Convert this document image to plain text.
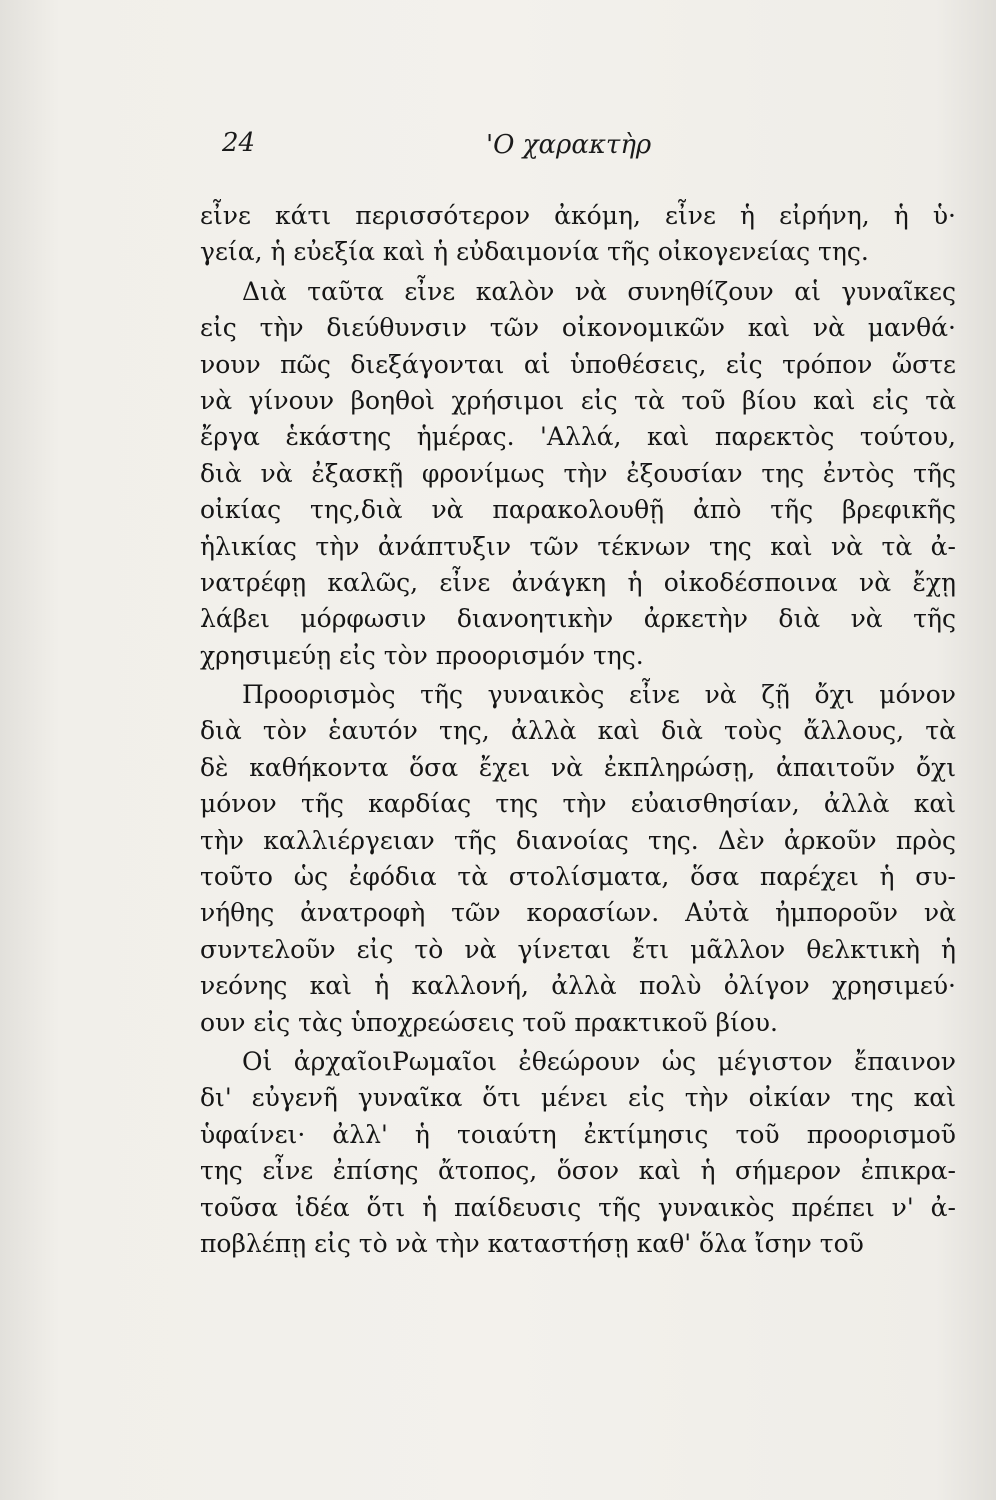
24	'Ο χαρακτὴρ
εἶνε κάτι περισσότερον ἀκόμη, εἶνε ἡ εἰρήνη, ἡ ὑ·
γεία, ἡ εὐεξία καὶ ἡ εὐδαιμονία τῆς οἰκογενείας της.
Διὰ ταῦτα εἶνε καλὸν νὰ συνηθίζουν αἱ γυναῖκες
εἰς τὴν διεύθυνσιν τῶν οἰκονομικῶν καὶ νὰ μανθά·
νουν πῶς διεξάγονται αἱ ὑποθέσεις, εἰς τρόπον ὥστε
νὰ γίνουν βοηθοὶ χρήσιμοι εἰς τὰ τοῦ βίου καὶ εἰς τὰ
ἔργα ἑκάστης ἡμέρας. 'Αλλά, καὶ παρεκτὸς τούτου,
διὰ νὰ ἐξασκῇ φρονίμως τὴν ἐξουσίαν της ἐντὸς τῆς
οἰκίας της,διὰ νὰ παρακολουθῇ ἀπὸ τῆς βρεφικῆς
ἡλικίας τὴν ἀνάπτυξιν τῶν τέκνων της καὶ νὰ τὰ ἀ-
νατρέφῃ καλῶς, εἶνε ἀνάγκη ἡ οἰκοδέσποινα νὰ ἔχῃ
λάβει μόρφωσιν διανοητικὴν ἀρκετὴν διὰ νὰ τῆς
χρησιμεύῃ εἰς τὸν προορισμόν της.
Προορισμὸς τῆς γυναικὸς εἶνε νὰ ζῇ ὄχι μόνον
διὰ τὸν ἑαυτόν της, ἀλλὰ καὶ διὰ τοὺς ἄλλους, τὰ
δὲ καθήκοντα ὅσα ἔχει νὰ ἐκπληρώσῃ, ἀπαιτοῦν ὄχι
μόνον τῆς καρδίας της τὴν εὐαισθησίαν, ἀλλὰ καὶ
τὴν καλλιέργειαν τῆς διανοίας της. Δὲν ἀρκοῦν πρὸς
τοῦτο ὡς ἐφόδια τὰ στολίσματα, ὅσα παρέχει ἡ συ-
νήθης ἀνατροφὴ τῶν κορασίων. Αὐτὰ ἠμποροῦν νὰ
συντελοῦν εἰς τὸ νὰ γίνεται ἔτι μᾶλλον θελκτικὴ ἡ
νεόνης καὶ ἡ καλλονή, ἀλλὰ πολὺ ὀλίγον χρησιμεύ·
ουν εἰς τὰς ὑποχρεώσεις τοῦ πρακτικοῦ βίου.
Οἱ ἀρχαῖοιΡωμαῖοι ἐθεώρουν ὡς μέγιστον ἔπαινον
δι' εὐγενῆ γυναῖκα ὅτι μένει εἰς τὴν οἰκίαν της καὶ
ὑφαίνει· ἀλλ' ἡ τοιαύτη ἐκτίμησις τοῦ προορισμοῦ
της εἶνε ἐπίσης ἄτοπος, ὅσον καὶ ἡ σήμερον ἐπικρα-
τοῦσα ἰδέα ὅτι ἡ παίδευσις τῆς γυναικὸς πρέπει ν' ἀ-
ποβλέπῃ εἰς τὸ νὰ τὴν καταστήσῃ καθ' ὅλα ἴσην τοῦ
